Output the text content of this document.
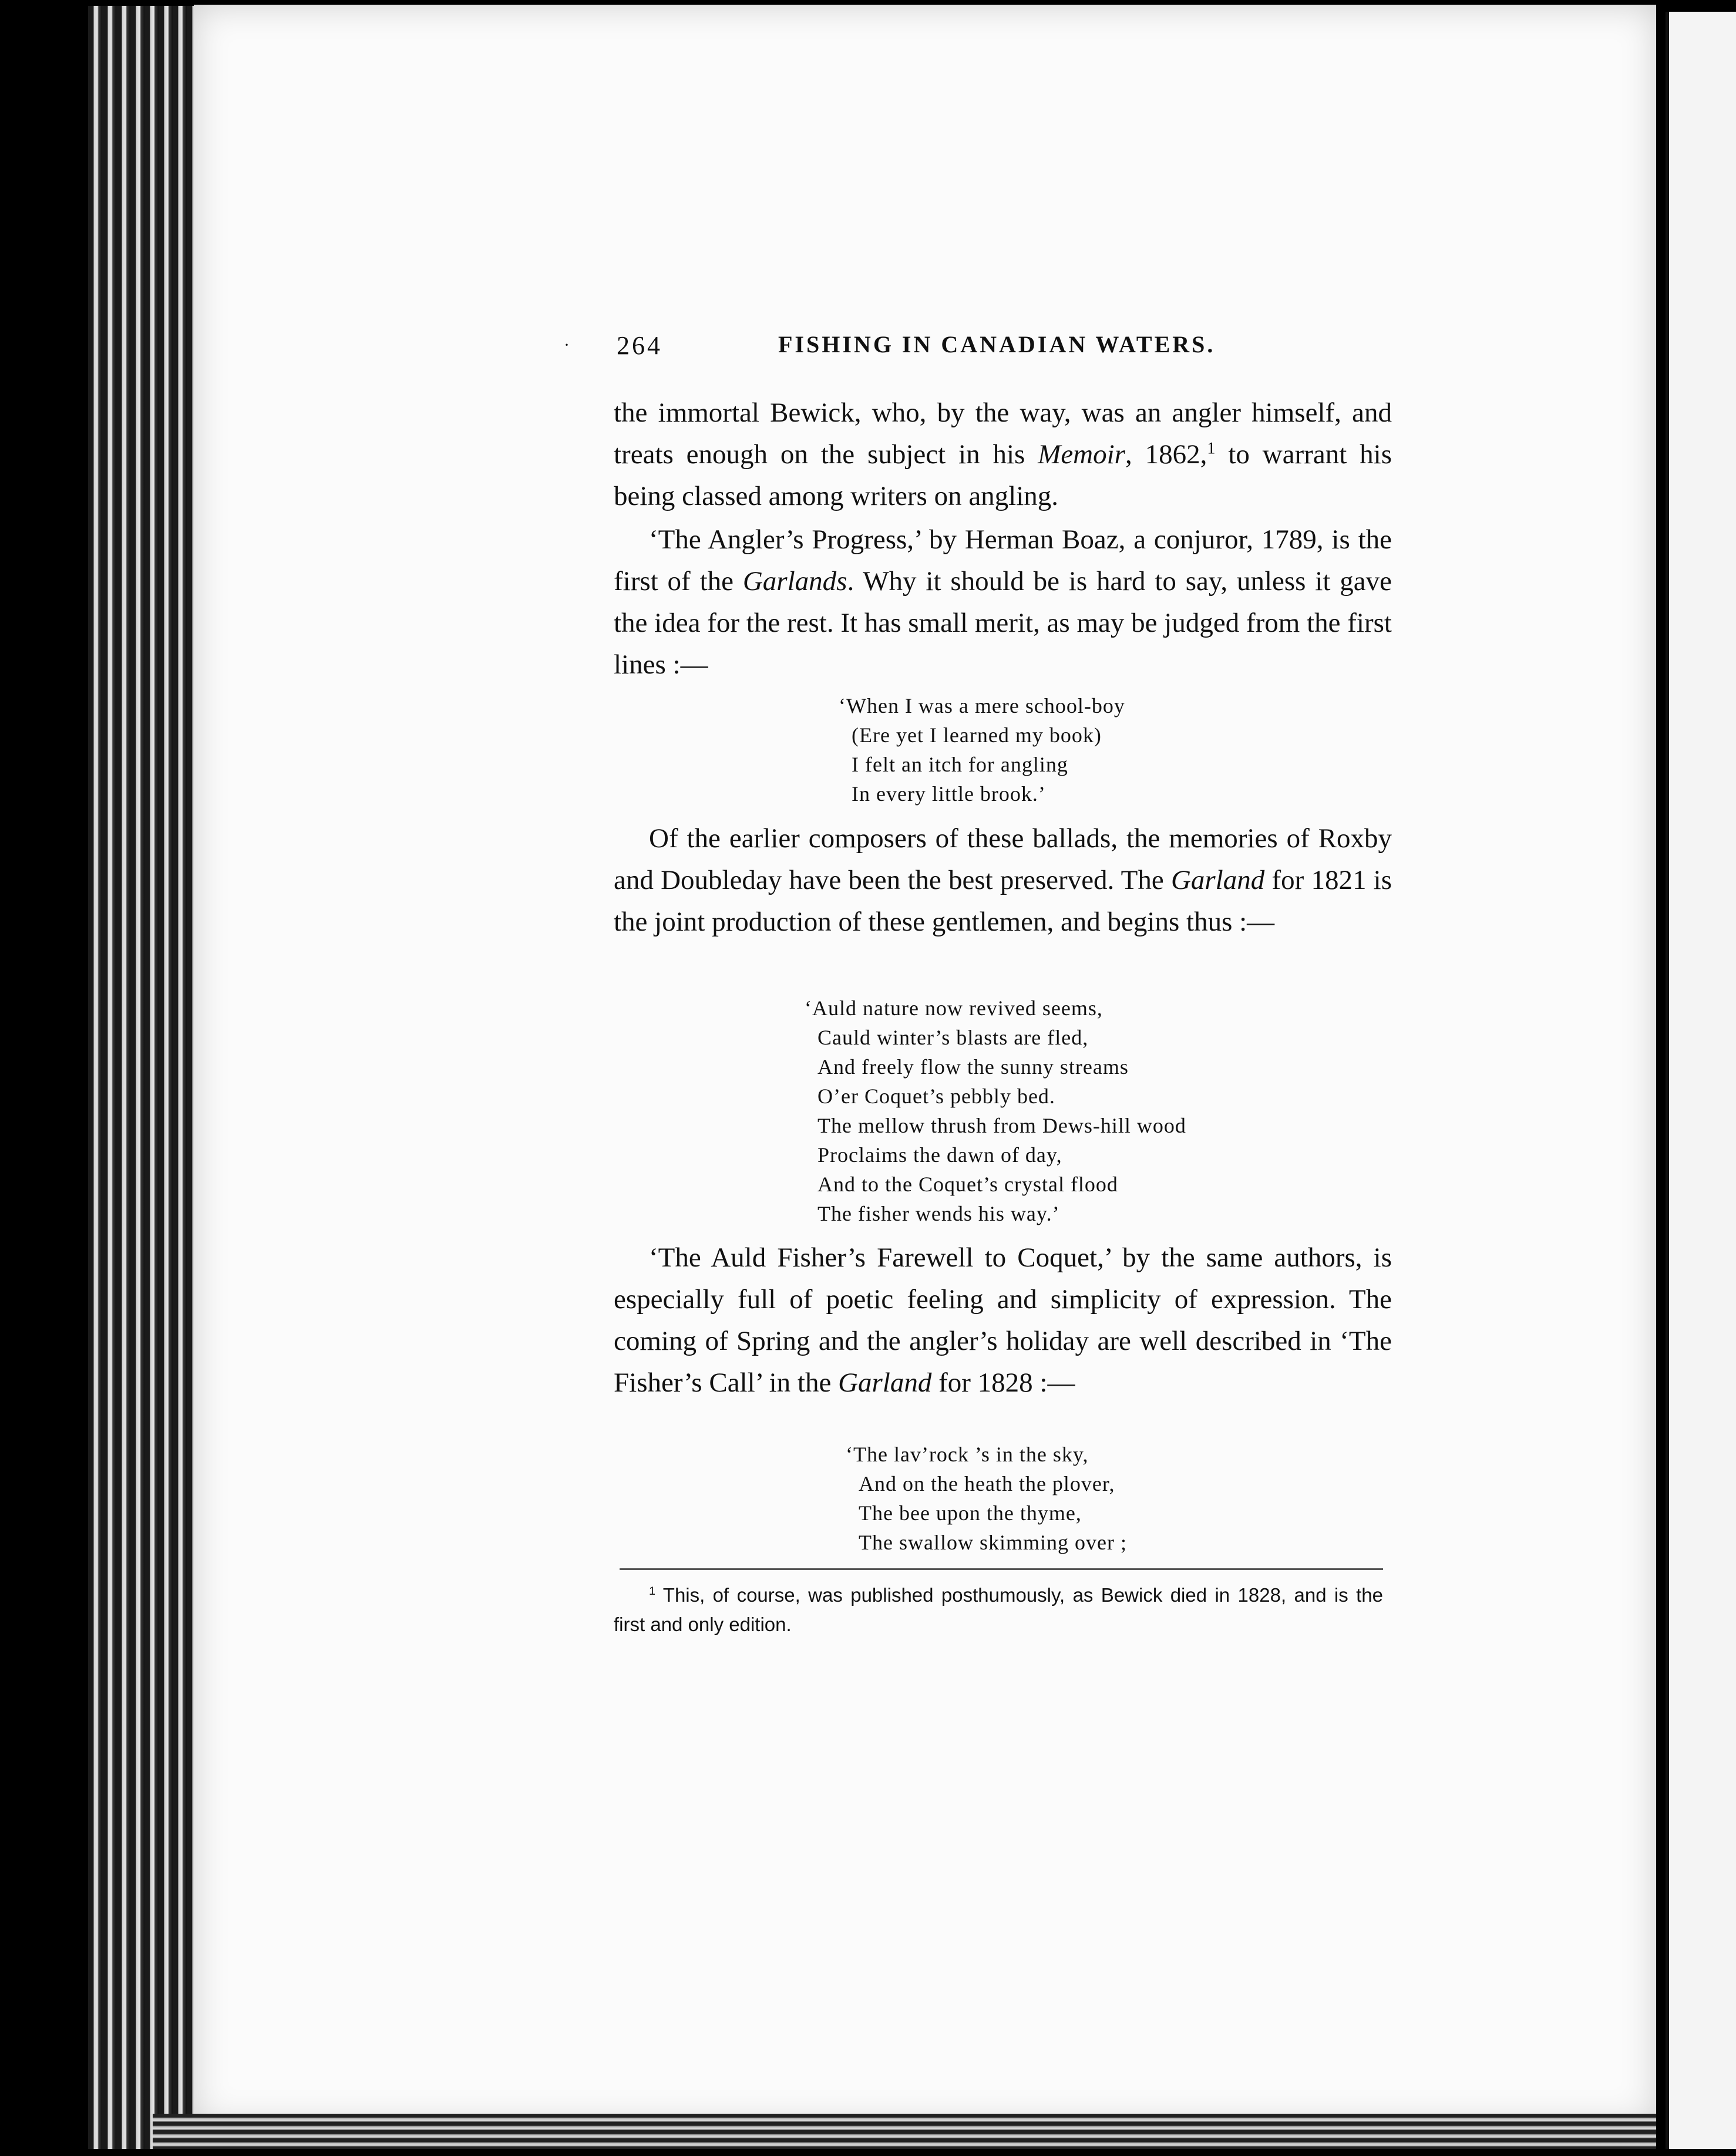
· 264	FISHING IN CANADIAN WATERS.

the immortal Bewick, who, by the way, was an angler himself, and treats enough on the subject in his Memoir, 1862,$^1$ to warrant his being classed among writers on angling.

‘The Angler’s Progress,’ by Herman Boaz, a conjuror, 1789, is the first of the Garlands. Why it should be is hard to say, unless it gave the idea for the rest. It has small merit, as may be judged from the first lines :—

‘When I was a mere school-boy
(Ere yet I learned my book)
I felt an itch for angling
In every little brook.’

Of the earlier composers of these ballads, the memories of Roxby and Doubleday have been the best preserved. The Garland for 1821 is the joint production of these gentlemen, and begins thus :—

‘Auld nature now revived seems,
Cauld winter’s blasts are fled,
And freely flow the sunny streams
O’er Coquet’s pebbly bed.
The mellow thrush from Dews-hill wood
Proclaims the dawn of day,
And to the Coquet’s crystal flood
The fisher wends his way.’

‘The Auld Fisher’s Farewell to Coquet,’ by the same authors, is especially full of poetic feeling and simplicity of expression. The coming of Spring and the angler’s holiday are well described in ‘The Fisher’s Call’ in the Garland for 1828 :—

‘The lav’rock ’s in the sky,
And on the heath the plover,
The bee upon the thyme,
The swallow skimming over ;
$^1$ This, of course, was published posthumously, as Bewick died in 1828, and is the first and only edition.
